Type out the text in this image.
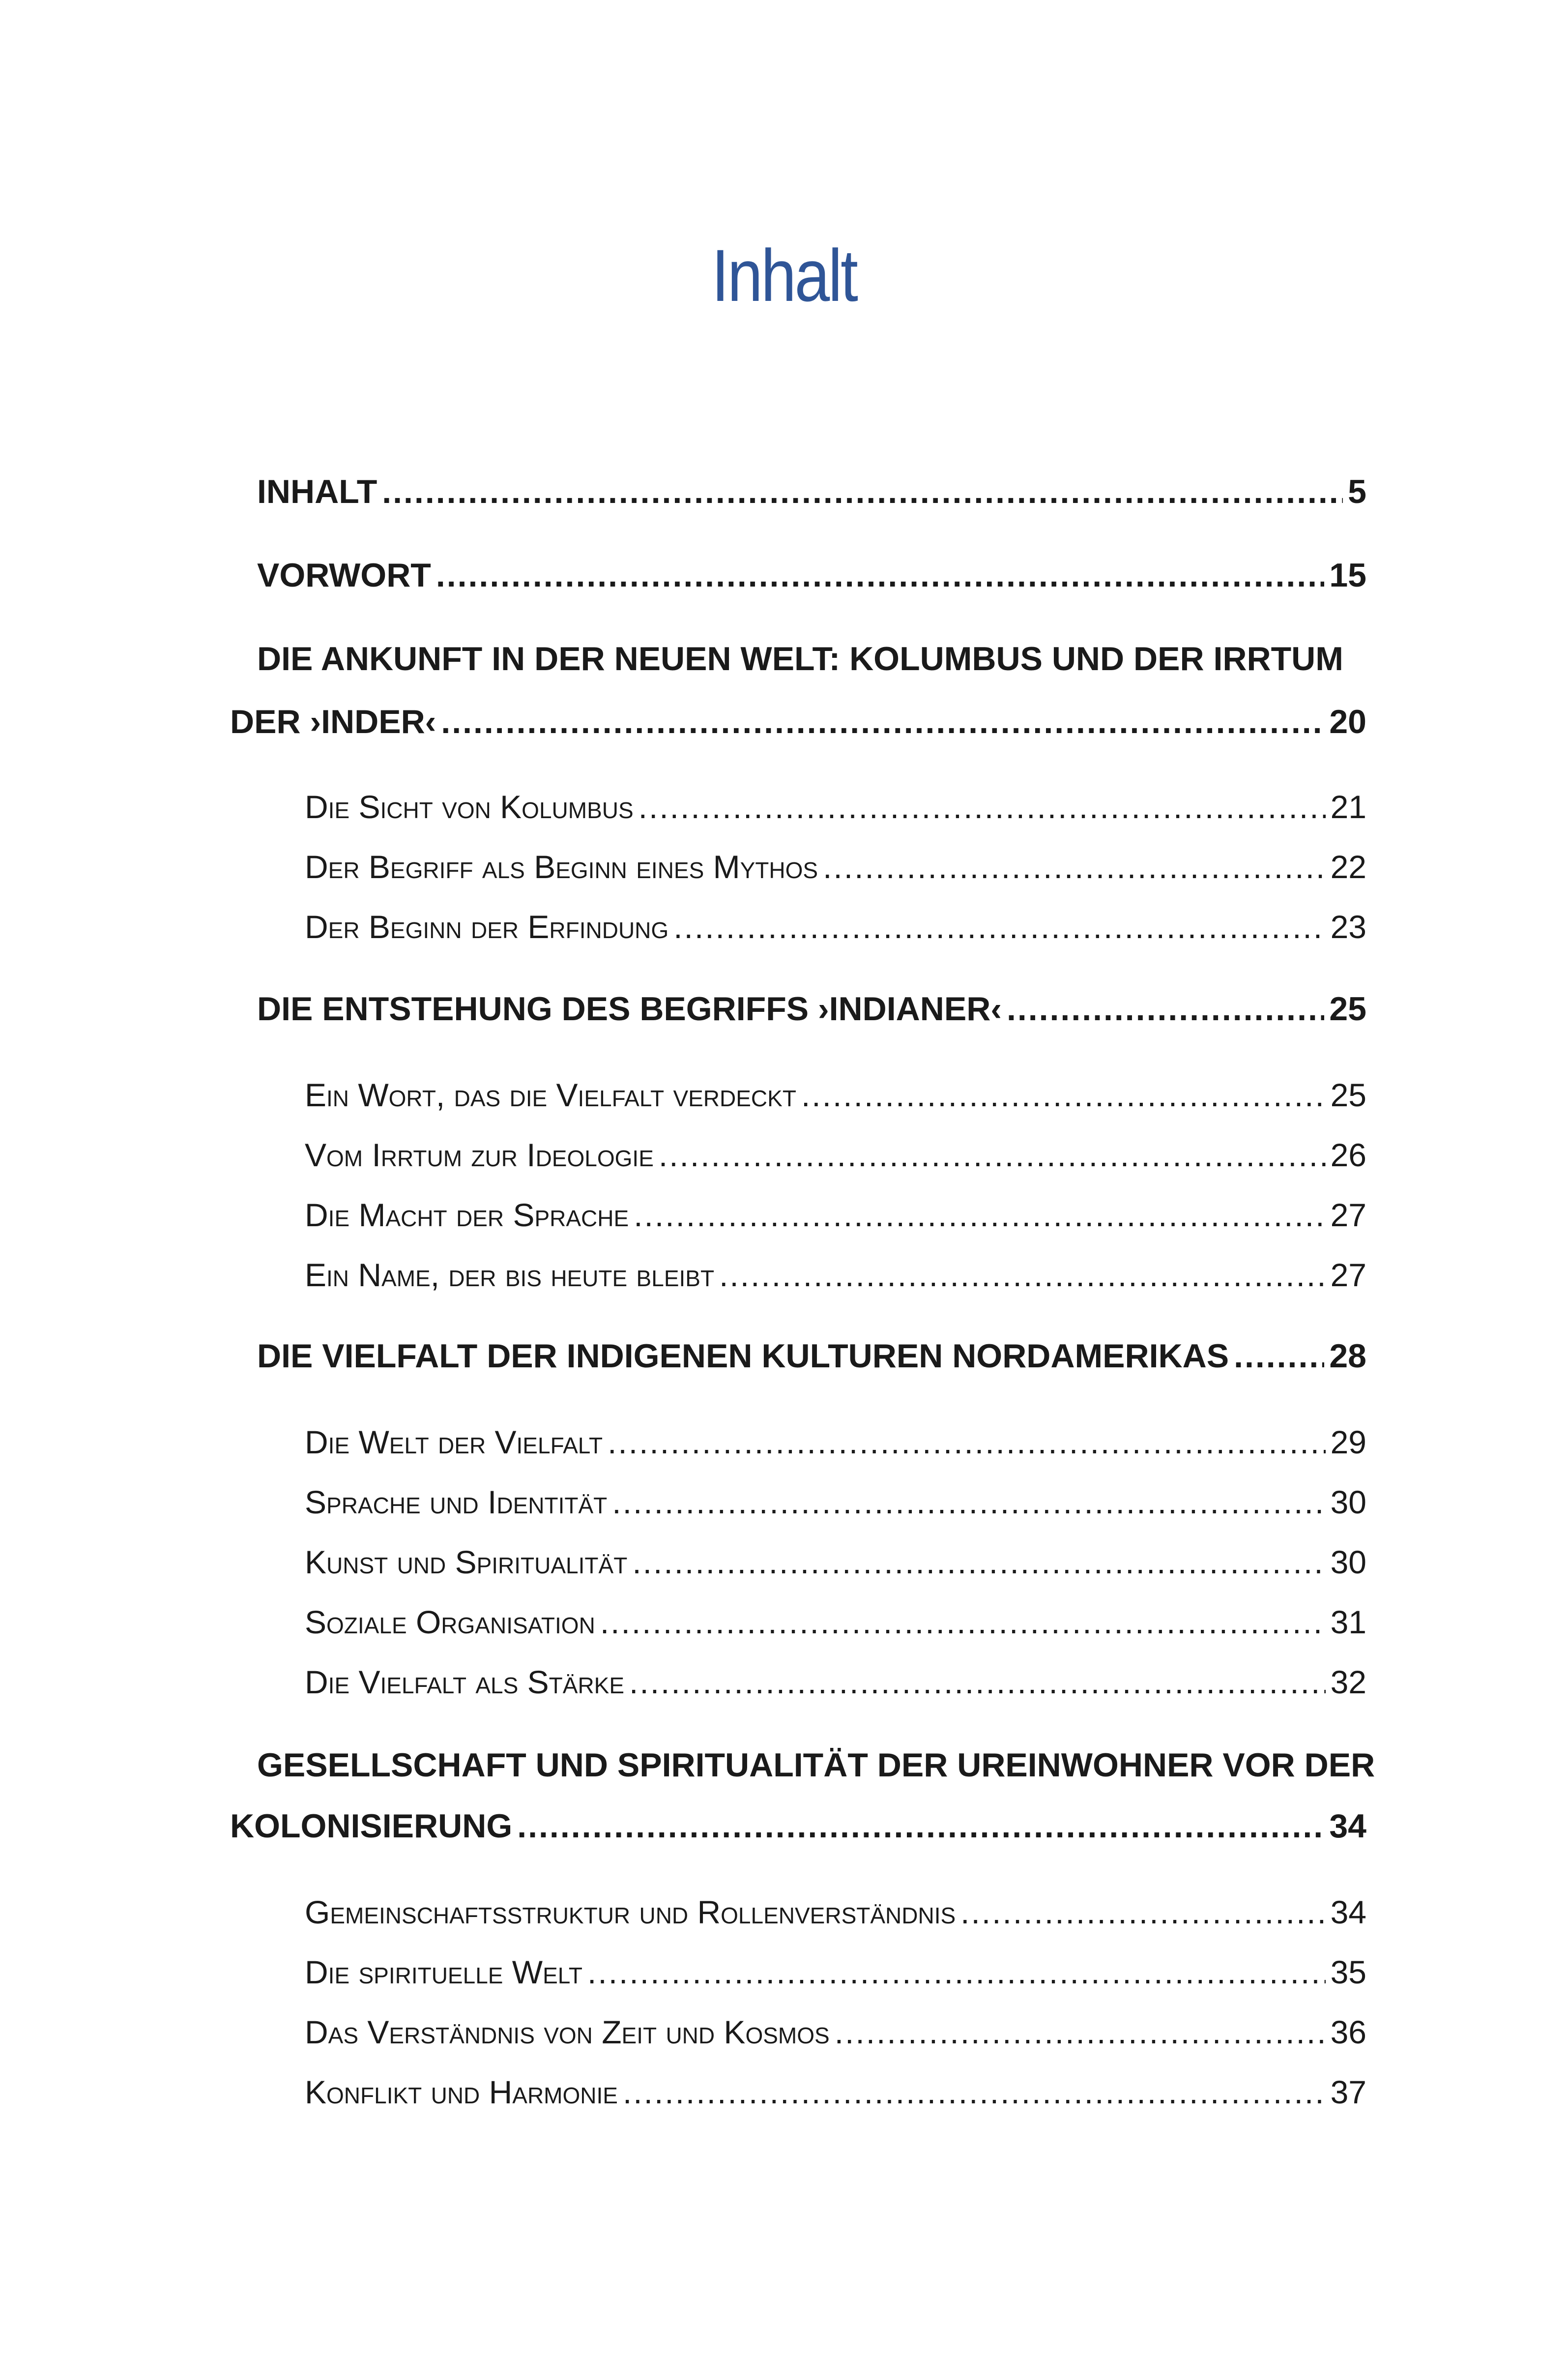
Inhalt
INHALT .....	5
VORWORT .....	15
DIE ANKUNFT IN DER NEUEN WELT: KOLUMBUS UND DER IRRTUM
DER ›INDER‹ .....	20
Die Sicht von Kolumbus .....	21
Der Begriff als Beginn eines Mythos .....	22
Der Beginn der Erfindung .....	23
DIE ENTSTEHUNG DES BEGRIFFS ›INDIANER‹ .....	25
Ein Wort, das die Vielfalt verdeckt .....	25
Vom Irrtum zur Ideologie .....	26
Die Macht der Sprache .....	27
Ein Name, der bis heute bleibt .....	27
DIE VIELFALT DER INDIGENEN KULTUREN NORDAMERIKAS .....	28
Die Welt der Vielfalt .....	29
Sprache und Identität .....	30
Kunst und Spiritualität .....	30
Soziale Organisation .....	31
Die Vielfalt als Stärke .....	32
GESELLSCHAFT UND SPIRITUALITÄT DER UREINWOHNER VOR DER
KOLONISIERUNG .....	34
Gemeinschaftsstruktur und Rollenverständnis .....	34
Die spirituelle Welt .....	35
Das Verständnis von Zeit und Kosmos .....	36
Konflikt und Harmonie .....	37
